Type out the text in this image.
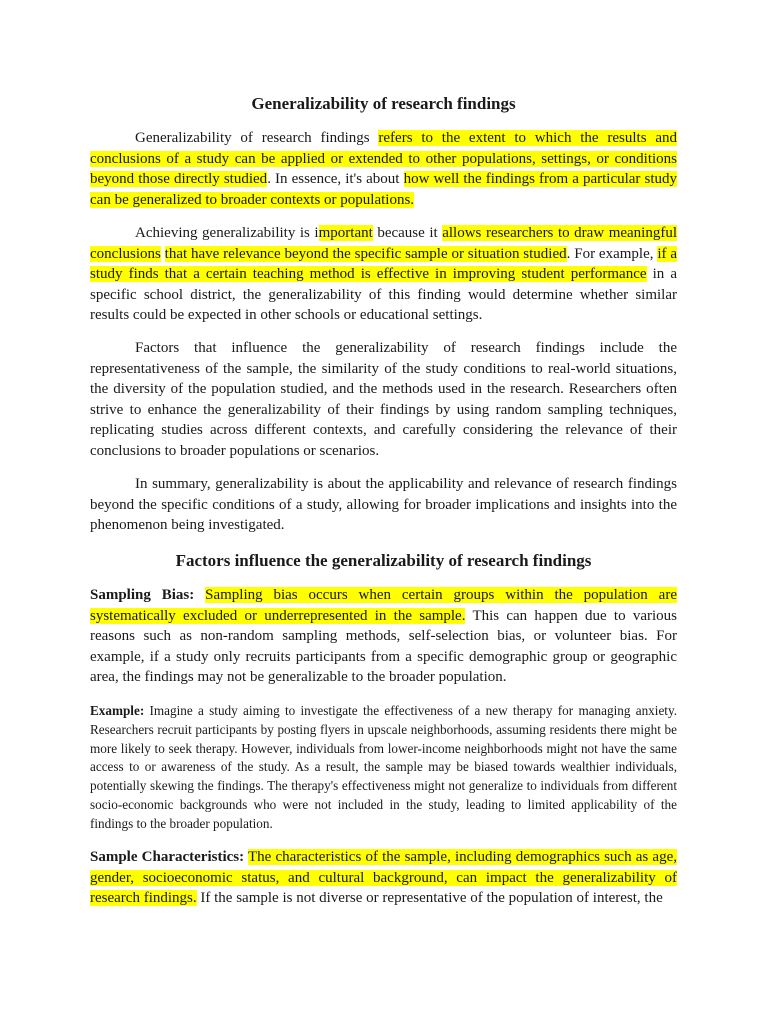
Generalizability of research findings

Generalizability of research findings refers to the extent to which the results and conclusions of a study can be applied or extended to other populations, settings, or conditions beyond those directly studied. In essence, it's about how well the findings from a particular study can be generalized to broader contexts or populations.

Achieving generalizability is important because it allows researchers to draw meaningful conclusions that have relevance beyond the specific sample or situation studied. For example, if a study finds that a certain teaching method is effective in improving student performance in a specific school district, the generalizability of this finding would determine whether similar results could be expected in other schools or educational settings.

Factors that influence the generalizability of research findings include the representativeness of the sample, the similarity of the study conditions to real-world situations, the diversity of the population studied, and the methods used in the research. Researchers often strive to enhance the generalizability of their findings by using random sampling techniques, replicating studies across different contexts, and carefully considering the relevance of their conclusions to broader populations or scenarios.

In summary, generalizability is about the applicability and relevance of research findings beyond the specific conditions of a study, allowing for broader implications and insights into the phenomenon being investigated.

Factors influence the generalizability of research findings

Sampling Bias: Sampling bias occurs when certain groups within the population are systematically excluded or underrepresented in the sample. This can happen due to various reasons such as non-random sampling methods, self-selection bias, or volunteer bias. For example, if a study only recruits participants from a specific demographic group or geographic area, the findings may not be generalizable to the broader population.

Example: Imagine a study aiming to investigate the effectiveness of a new therapy for managing anxiety. Researchers recruit participants by posting flyers in upscale neighborhoods, assuming residents there might be more likely to seek therapy. However, individuals from lower-income neighborhoods might not have the same access to or awareness of the study. As a result, the sample may be biased towards wealthier individuals, potentially skewing the findings. The therapy's effectiveness might not generalize to individuals from different socio-economic backgrounds who were not included in the study, leading to limited applicability of the findings to the broader population.

Sample Characteristics: The characteristics of the sample, including demographics such as age, gender, socioeconomic status, and cultural background, can impact the generalizability of research findings. If the sample is not diverse or representative of the population of interest, the
